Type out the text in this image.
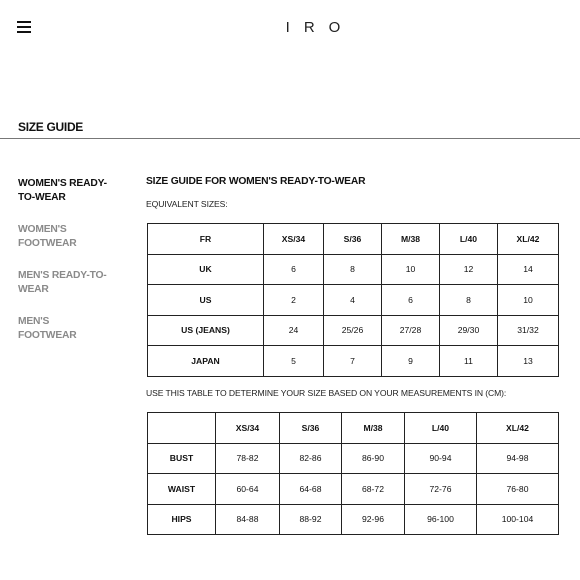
IRO
SIZE GUIDE
WOMEN'S READY-
TO-WEAR
WOMEN'S
FOOTWEAR
MEN'S READY-TO-
WEAR
MEN'S
FOOTWEAR
SIZE GUIDE FOR WOMEN'S READY-TO-WEAR
EQUIVALENT SIZES:
FR	XS/34	S/36	M/38	L/40	XL/42
UK	6	8	10	12	14
US	2	4	6	8	10
US (JEANS)	24	25/26	27/28	29/30	31/32
JAPAN	5	7	9	11	13
USE THIS TABLE TO DETERMINE YOUR SIZE BASED ON YOUR MEASUREMENTS IN (CM):
	XS/34	S/36	M/38	L/40	XL/42
BUST	78-82	82-86	86-90	90-94	94-98
WAIST	60-64	64-68	68-72	72-76	76-80
HIPS	84-88	88-92	92-96	96-100	100-104
